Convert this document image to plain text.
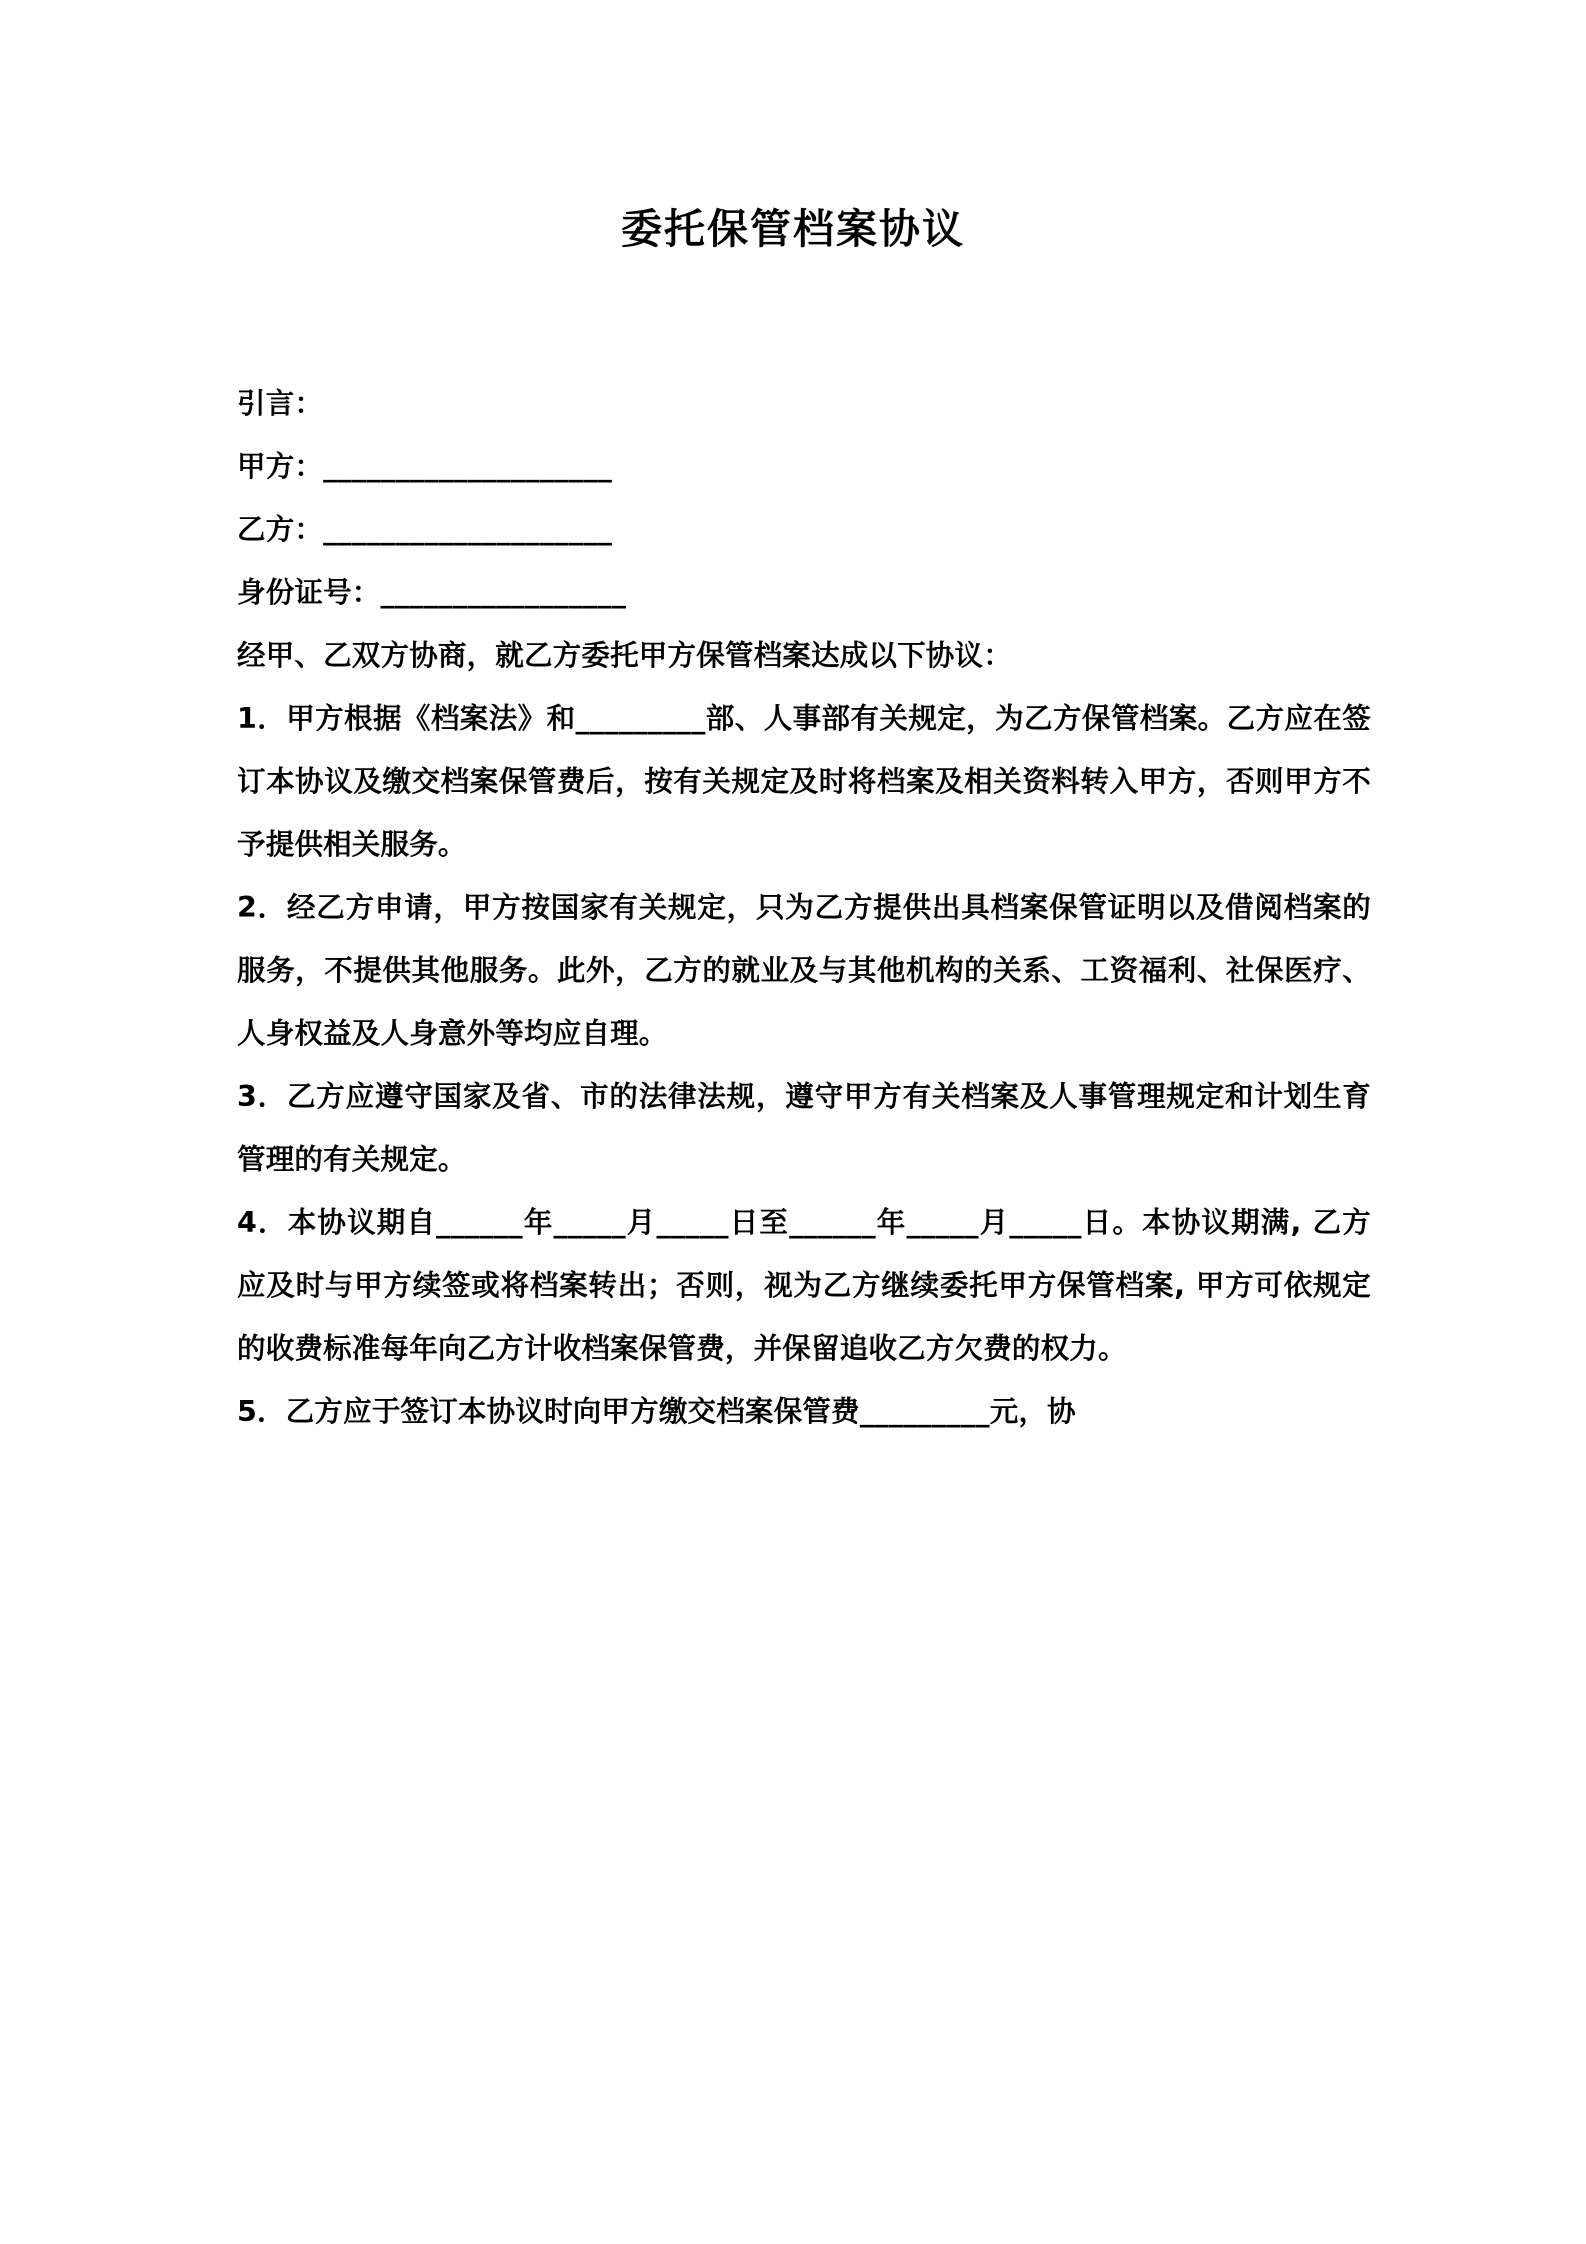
委托保管档案协议

引言：

甲方：____________________

乙方：____________________

身份证号：_________________

经甲、乙双方协商，就乙方委托甲方保管档案达成以下协议：

1．甲方根据《档案法》和_________部、人事部有关规定，为乙方保管档案。乙方应在签订本协议及缴交档案保管费后，按有关规定及时将档案及相关资料转入甲方，否则甲方不予提供相关服务。

2．经乙方申请，甲方按国家有关规定，只为乙方提供出具档案保管证明以及借阅档案的服务，不提供其他服务。此外，乙方的就业及与其他机构的关系、工资福利、社保医疗、人身权益及人身意外等均应自理。

3．乙方应遵守国家及省、市的法律法规，遵守甲方有关档案及人事管理规定和计划生育管理的有关规定。

4．本协议期自______年_____月_____日至______年_____月_____日。本协议期满, 乙方应及时与甲方续签或将档案转出；否则，视为乙方继续委托甲方保管档案, 甲方可依规定的收费标准每年向乙方计收档案保管费，并保留追收乙方欠费的权力。

5．乙方应于签订本协议时向甲方缴交档案保管费_________元，协
